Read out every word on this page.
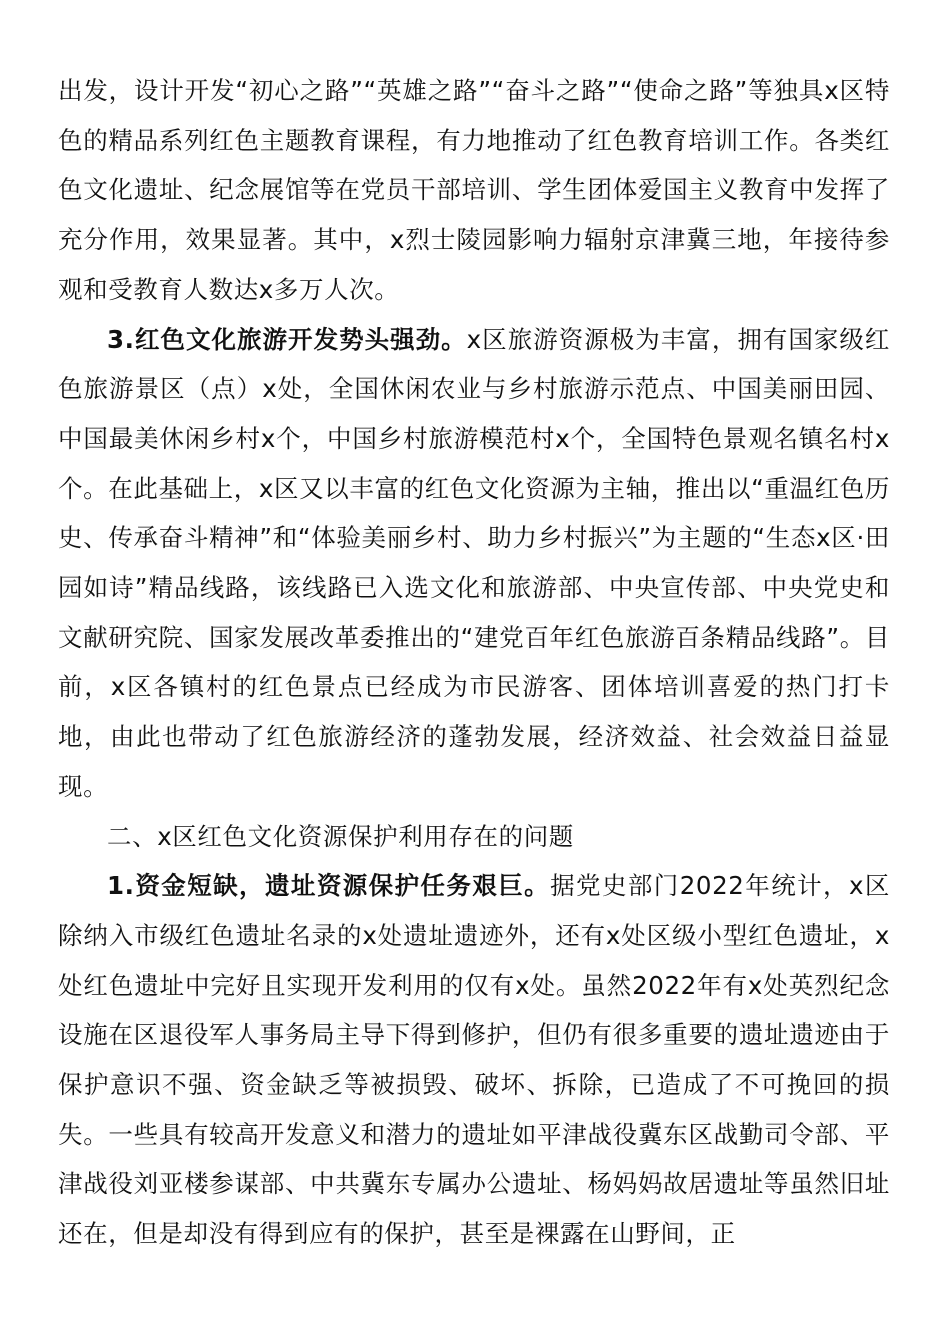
出发，设计开发“初心之路”“英雄之路”“奋斗之路”“使命之路”等独具x区特色的精品系列红色主题教育课程，有力地推动了红色教育培训工作。各类红色文化遗址、纪念展馆等在党员干部培训、学生团体爱国主义教育中发挥了充分作用，效果显著。其中，x烈士陵园影响力辐射京津冀三地，年接待参观和受教育人数达x多万人次。

3.红色文化旅游开发势头强劲。x区旅游资源极为丰富，拥有国家级红色旅游景区（点）x处，全国休闲农业与乡村旅游示范点、中国美丽田园、中国最美休闲乡村x个，中国乡村旅游模范村x个，全国特色景观名镇名村x个。在此基础上，x区又以丰富的红色文化资源为主轴，推出以“重温红色历史、传承奋斗精神”和“体验美丽乡村、助力乡村振兴”为主题的“生态x区·田园如诗”精品线路，该线路已入选文化和旅游部、中央宣传部、中央党史和文献研究院、国家发展改革委推出的“建党百年红色旅游百条精品线路”。目前，x区各镇村的红色景点已经成为市民游客、团体培训喜爱的热门打卡地，由此也带动了红色旅游经济的蓬勃发展，经济效益、社会效益日益显现。

二、x区红色文化资源保护利用存在的问题

1.资金短缺，遗址资源保护任务艰巨。据党史部门2022年统计，x区除纳入市级红色遗址名录的x处遗址遗迹外，还有x处区级小型红色遗址，x处红色遗址中完好且实现开发利用的仅有x处。虽然2022年有x处英烈纪念设施在区退役军人事务局主导下得到修护，但仍有很多重要的遗址遗迹由于保护意识不强、资金缺乏等被损毁、破坏、拆除，已造成了不可挽回的损失。一些具有较高开发意义和潜力的遗址如平津战役冀东区战勤司令部、平津战役刘亚楼参谋部、中共冀东专属办公遗址、杨妈妈故居遗址等虽然旧址还在，但是却没有得到应有的保护，甚至是裸露在山野间，正
